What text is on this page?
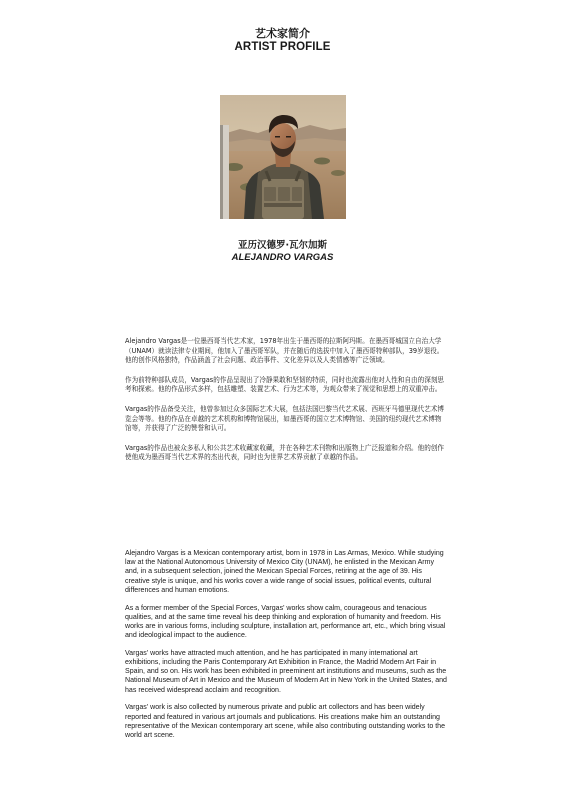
艺术家简介
ARTIST PROFILE
亚历汉德罗·瓦尔加斯
ALEJANDRO VARGAS

Alejandro Vargas是一位墨西哥当代艺术家，1978年出生于墨西哥的拉斯阿玛斯。在墨西哥城国立自治大学（UNAM）就读法律专业期间，他加入了墨西哥军队，并在随后的选拔中加入了墨西哥特种部队，39岁退役。他的创作风格独特，作品涵盖了社会问题、政治事件、文化差异以及人类情感等广泛领域。

作为前特种部队成员，Vargas的作品呈现出了冷静果敢和坚韧的特质，同时也流露出他对人性和自由的深刻思考和探索。他的作品形式多样，包括雕塑、装置艺术、行为艺术等，为观众带来了视觉和思想上的双重冲击。

Vargas的作品备受关注，他曾参加过众多国际艺术大展，包括法国巴黎当代艺术展、西班牙马德里现代艺术博览会等等。他的作品在卓越的艺术机构和博物馆展出，如墨西哥的国立艺术博物馆、美国的纽约现代艺术博物馆等，并获得了广泛的赞誉和认可。

Vargas的作品也被众多私人和公共艺术收藏家收藏，并在各种艺术刊物和出版物上广泛报道和介绍。他的创作使他成为墨西哥当代艺术界的杰出代表，同时也为世界艺术界贡献了卓越的作品。

Alejandro Vargas is a Mexican contemporary artist, born in 1978 in Las Armas, Mexico. While studying law at the National Autonomous University of Mexico City (UNAM), he enlisted in the Mexican Army and, in a subsequent selection, joined the Mexican Special Forces, retiring at the age of 39. His creative style is unique, and his works cover a wide range of social issues, political events, cultural differences and human emotions.

As a former member of the Special Forces, Vargas' works show calm, courageous and tenacious qualities, and at the same time reveal his deep thinking and exploration of humanity and freedom. His works are in various forms, including sculpture, installation art, performance art, etc., which bring visual and ideological impact to the audience.

Vargas' works have attracted much attention, and he has participated in many international art exhibitions, including the Paris Contemporary Art Exhibition in France, the Madrid Modern Art Fair in Spain, and so on. His work has been exhibited in preeminent art institutions and museums, such as the National Museum of Art in Mexico and the Museum of Modern Art in New York in the United States, and has received widespread acclaim and recognition.

Vargas' work is also collected by numerous private and public art collectors and has been widely reported and featured in various art journals and publications. His creations make him an outstanding representative of the Mexican contemporary art scene, while also contributing outstanding works to the world art scene.
